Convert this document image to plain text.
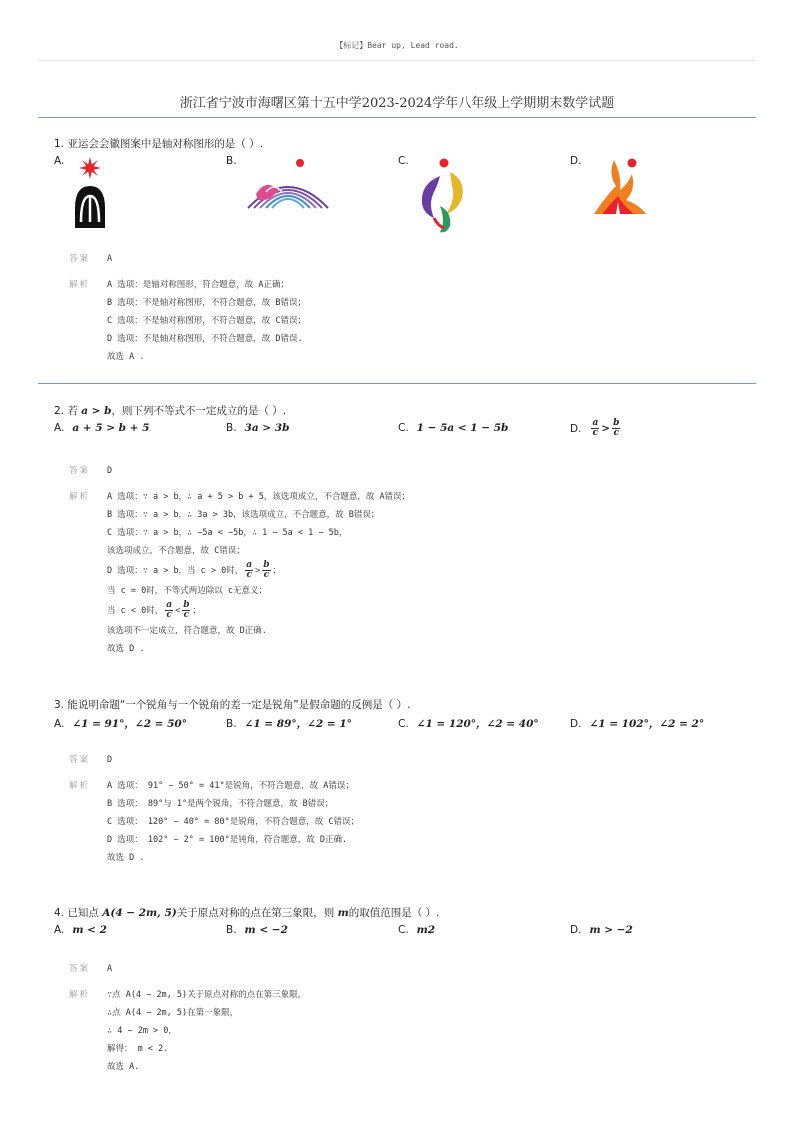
【标记】Bear up, Lead road.
浙江省宁波市海曙区第十五中学2023-2024学年八年级上学期期末数学试题
1. 亚运会会徽图案中是轴对称图形的是（ ）.
A.	B.	C.	D.
答案 A
解析 A 选项：是轴对称图形，符合题意，故 A正确；
B 选项：不是轴对称图形，不符合题意，故 B错误；
C 选项：不是轴对称图形，不符合题意，故 C错误；
D 选项：不是轴对称图形，不符合题意，故 D错误.
故选 A .
2. 若 a > b，则下列不等式不一定成立的是（ ）.
A. a + 5 > b + 5	B. 3a > 3b	C. 1 − 5a < 1 − 5b	D. $\frac{a}{c} > \frac{b}{c}$
答案 D
解析 A 选项：∵ a > b，∴ a + 5 > b + 5，该选项成立，不合题意，故 A错误；
B 选项：∵ a > b，∴ 3a > 3b，该选项成立，不合题意，故 B错误；
C 选项：∵ a > b，∴ −5a < −5b，∴ 1 − 5a < 1 − 5b，
该选项成立，不合题意，故 C错误；
D 选项：∵ a > b，当 c > 0时， $\frac{a}{c} > \frac{b}{c}$ ；
当 c = 0时，不等式两边除以 c无意义；
当 c < 0时， $\frac{a}{c} < \frac{b}{c}$ ；
该选项不一定成立，符合题意，故 D正确.
故选 D .
3. 能说明命题“一个锐角与一个锐角的差一定是锐角”是假命题的反例是（ ）.
A. ∠1 = 91°，∠2 = 50°	B. ∠1 = 89°，∠2 = 1°	C. ∠1 = 120°，∠2 = 40°	D. ∠1 = 102°，∠2 = 2°
答案 D
解析 A 选项： 91° − 50° = 41°是锐角，不符合题意，故 A错误；
B 选项： 89°与 1°是两个锐角，不符合题意，故 B错误；
C 选项： 120° − 40° = 80°是锐角，不符合题意，故 C错误；
D 选项： 102° − 2° = 100°是钝角，符合题意，故 D正确.
故选 D .
4. 已知点 A(4 − 2m, 5)关于原点对称的点在第三象限，则 m的取值范围是（ ）.
A. m < 2	B. m < −2	C. m2	D. m > −2
答案 A
解析 ∵点 A(4 − 2m, 5)关于原点对称的点在第三象限，
∴点 A(4 − 2m, 5)在第一象限，
∴ 4 − 2m > 0，
解得： m < 2.
故选 A.
